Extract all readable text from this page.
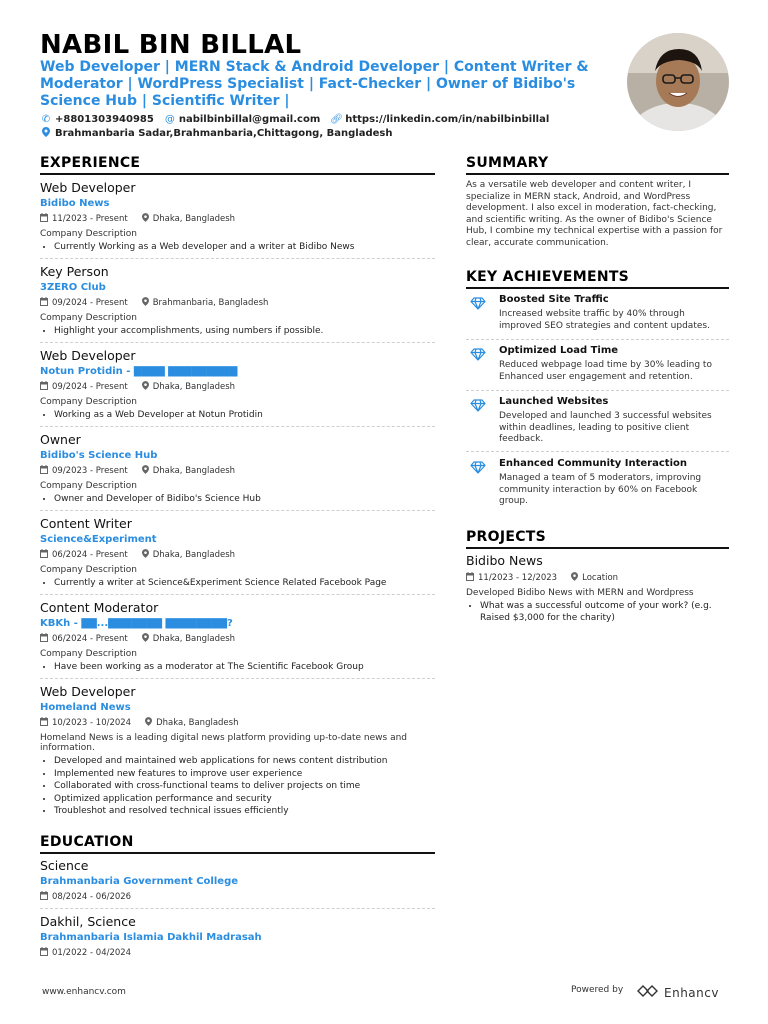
NABIL BIN BILLAL
Web Developer | MERN Stack & Android Developer | Content Writer & Moderator | WordPress Specialist | Fact-Checker | Owner of Bidibo's Science Hub | Scientific Writer |
✆ +8801303940985 @ nabilbinbillal@gmail.com 🔗︎ https://linkedin.com/in/nabilbinbillal
Brahmanbaria Sadar,Brahmanbaria,Chittagong, Bangladesh
EXPERIENCE
Web Developer
Bidibo News
11/2023 - Present	Dhaka, Bangladesh
Company Description
• Currently Working as a Web developer and a writer at Bidibo News
Key Person
3ZERO Club
09/2024 - Present	Brahmanbaria, Bangladesh
Company Description
• Highlight your accomplishments, using numbers if possible.
Web Developer
Notun Protidin - ▇▇▇▇ ▇▇▇▇▇▇▇▇▇
09/2024 - Present	Dhaka, Bangladesh
Company Description
• Working as a Web Developer at Notun Protidin
Owner
Bidibo's Science Hub
09/2023 - Present	Dhaka, Bangladesh
Company Description
• Owner and Developer of Bidibo's Science Hub
Content Writer
Science&Experiment
06/2024 - Present	Dhaka, Bangladesh
Company Description
• Currently a writer at Science&Experiment Science Related Facebook Page
Content Moderator
KBKh - ▇▇...▇▇▇▇▇▇▇ ▇▇▇▇▇▇▇▇?
06/2024 - Present	Dhaka, Bangladesh
Company Description
• Have been working as a moderator at The Scientific Facebook Group
Web Developer
Homeland News
10/2023 - 10/2024	Dhaka, Bangladesh
Homeland News is a leading digital news platform providing up-to-date news and information.
• Developed and maintained web applications for news content distribution
• Implemented new features to improve user experience
• Collaborated with cross-functional teams to deliver projects on time
• Optimized application performance and security
• Troubleshot and resolved technical issues efficiently
EDUCATION
Science
Brahmanbaria Government College
08/2024 - 06/2026
Dakhil, Science
Brahmanbaria Islamia Dakhil Madrasah
01/2022 - 04/2024
SUMMARY
As a versatile web developer and content writer, I specialize in MERN stack, Android, and WordPress development. I also excel in moderation, fact-checking, and scientific writing. As the owner of Bidibo's Science Hub, I combine my technical expertise with a passion for clear, accurate communication.
KEY ACHIEVEMENTS
Boosted Site Traffic
Increased website traffic by 40% through improved SEO strategies and content updates.
Optimized Load Time
Reduced webpage load time by 30% leading to Enhanced user engagement and retention.
Launched Websites
Developed and launched 3 successful websites within deadlines, leading to positive client feedback.
Enhanced Community Interaction
Managed a team of 5 moderators, improving community interaction by 60% on Facebook group.
PROJECTS
Bidibo News
11/2023 - 12/2023	Location
Developed Bidibo News with MERN and Wordpress
• What was a successful outcome of your work? (e.g. Raised $3,000 for the charity)
www.enhancv.com	Powered by	Enhancv
